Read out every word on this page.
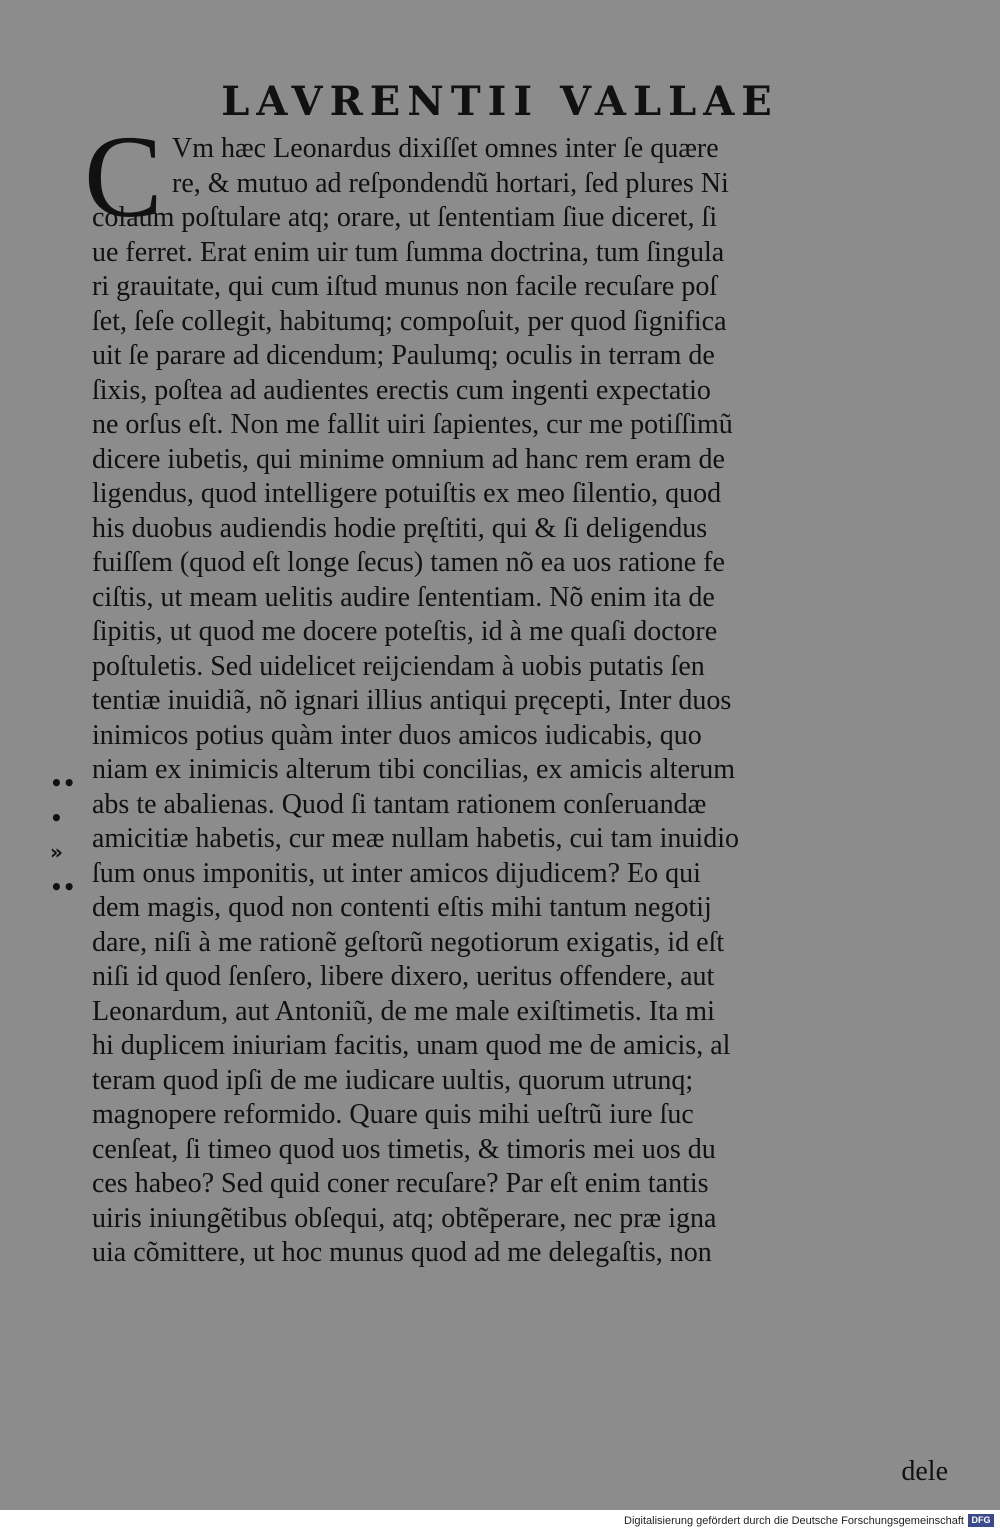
LAVRENTII VALLAE
C Vm hæc Leonardus dixiſſet omnes inter ſe quære
re, & mutuo ad reſpondendũ hortari, ſed plures Ni
colaum poſtulare atq; orare, ut ſententiam ſiue diceret, ſi
ue ferret. Erat enim uir tum ſumma doctrina, tum ſingula
ri grauitate, qui cum iſtud munus non facile recuſare poſ
ſet, ſeſe collegit, habitumq; compoſuit, per quod ſignifica
uit ſe parare ad dicendum; Paulumq; oculis in terram de
ſixis, poſtea ad audientes erectis cum ingenti expectatio
ne orſus eſt. Non me fallit uiri ſapientes, cur me potiſſimũ
dicere iubetis, qui minime omnium ad hanc rem eram de
ligendus, quod intelligere potuiſtis ex meo ſilentio, quod
his duobus audiendis hodie pręſtiti, qui & ſi deligendus
fuiſſem (quod eſt longe ſecus) tamen nõ ea uos ratione fe
ciſtis, ut meam uelitis audire ſententiam. Nõ enim ita de
ſipitis, ut quod me docere poteſtis, id à me quaſi doctore
poſtuletis. Sed uidelicet reijciendam à uobis putatis ſen
tentiæ inuidiã, nõ ignari illius antiqui pręcepti, Inter duos
inimicos potius quàm inter duos amicos iudicabis, quo
niam ex inimicis alterum tibi concilias, ex amicis alterum
abs te abalienas. Quod ſi tantam rationem conſeruandæ
amicitiæ habetis, cur meæ nullam habetis, cui tam inuidio
ſum onus imponitis, ut inter amicos dijudicem? Eo qui
dem magis, quod non contenti eſtis mihi tantum negotij
dare, niſi à me rationẽ geſtorũ negotiorum exigatis, id eſt
niſi id quod ſenſero, libere dixero, ueritus offendere, aut
Leonardum, aut Antoniũ, de me male exiſtimetis. Ita mi
hi duplicem iniuriam facitis, unam quod me de amicis, al
teram quod ipſi de me iudicare uultis, quorum utrunq;
magnopere reformido. Quare quis mihi ueſtrũ iure ſuc
cenſeat, ſi timeo quod uos timetis, & timoris mei uos du
ces habeo? Sed quid coner recuſare? Par eſt enim tantis
uiris iniungẽtibus obſequi, atq; obtẽperare, nec præ igna
uia cõmittere, ut hoc munus quod ad me delegaſtis, non
••
•
»
••
dele
Digitalisierung gefördert durch die Deutsche Forschungsgemeinschaft DFG
